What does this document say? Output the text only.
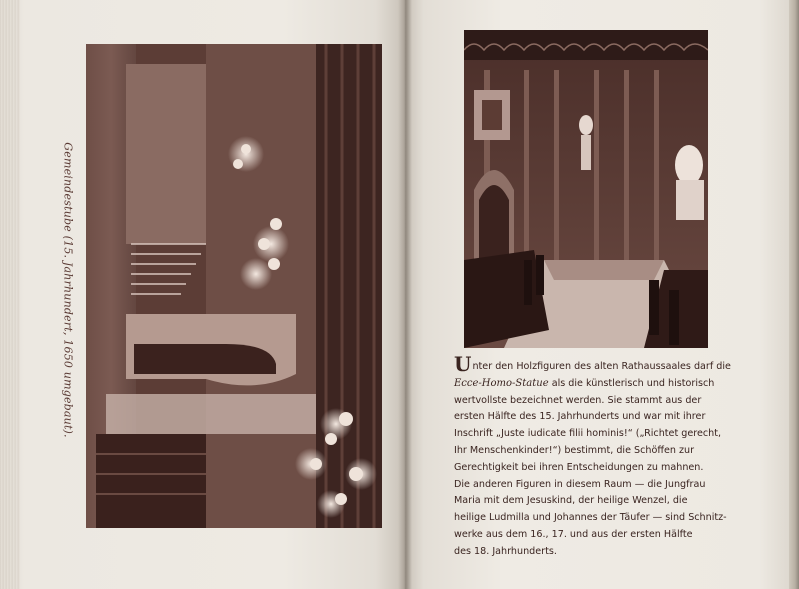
Gemeindestube (15. Jahrhundert, 1650 umgebaut).	Unter den Holzfiguren des alten Rathaussaales darf die
Ecce-Homo-Statue als die künstlerisch und historisch
wertvollste bezeichnet werden. Sie stammt aus der
ersten Hälfte des 15. Jahrhunderts und war mit ihrer
Inschrift „Juste iudicate filii hominis!“ („Richtet gerecht,
Ihr Menschenkinder!“) bestimmt, die Schöffen zur
Gerechtigkeit bei ihren Entscheidungen zu mahnen.
Die anderen Figuren in diesem Raum — die Jungfrau
Maria mit dem Jesuskind, der heilige Wenzel, die
heilige Ludmilla und Johannes der Täufer — sind Schnitz-
werke aus dem 16., 17. und aus der ersten Hälfte
des 18. Jahrhunderts.
